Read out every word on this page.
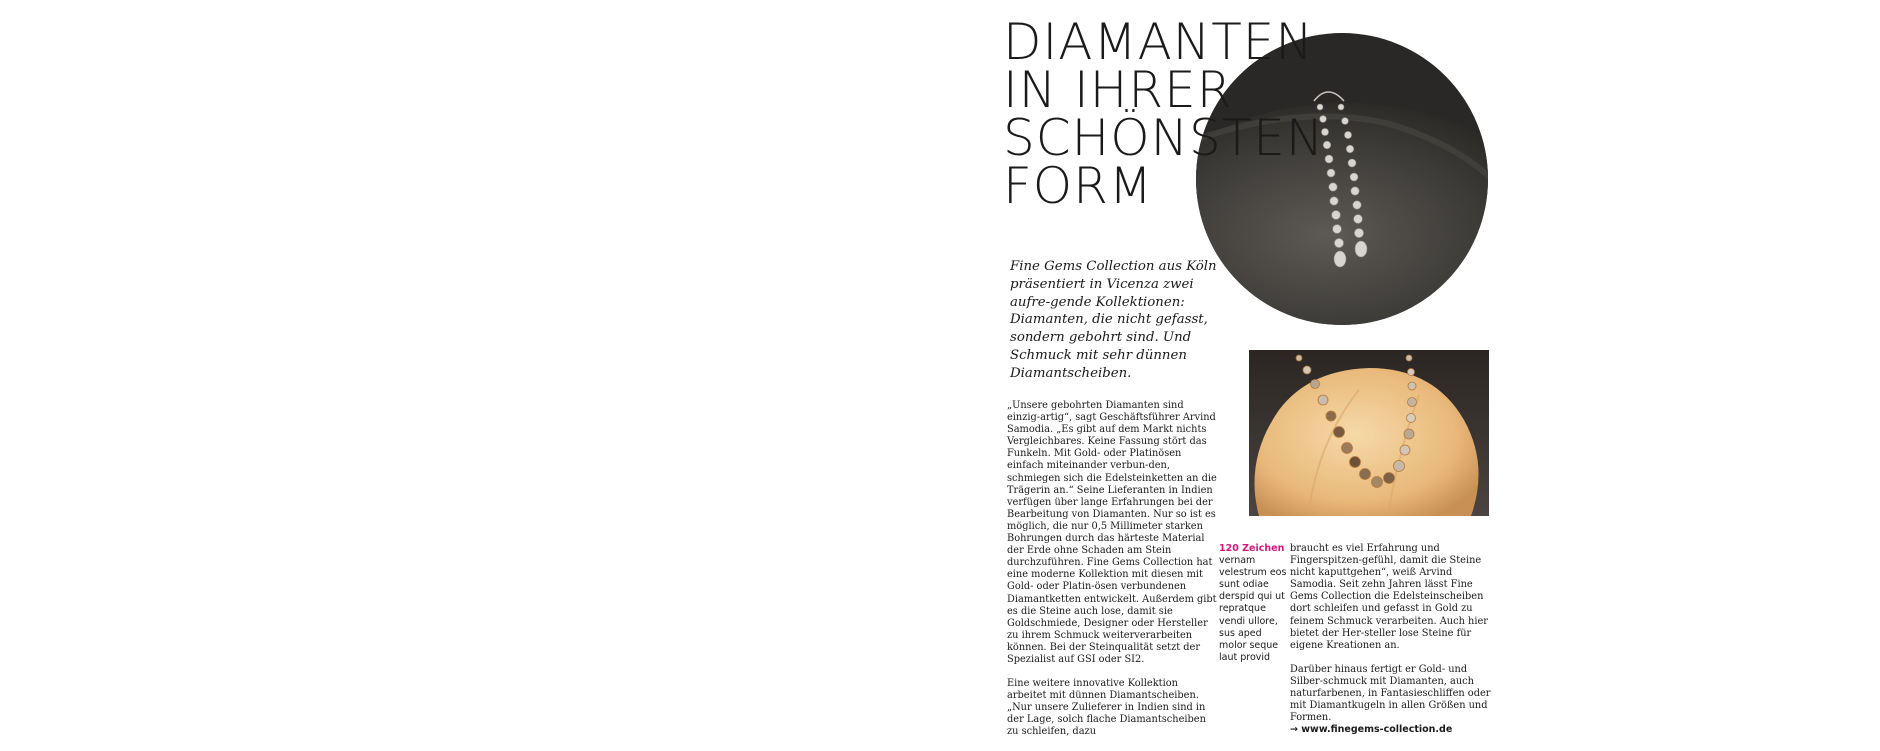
DIAMANTEN
IN IHRER
SCHÖNSTEN
FORM

Fine Gems Collection aus Köln präsentiert in Vicenza zwei aufre-gende Kollektionen: Diamanten, die nicht gefasst, sondern gebohrt sind. Und Schmuck mit sehr dünnen Diamantscheiben.

„Unsere gebohrten Diamanten sind einzig-artig“, sagt Geschäftsführer Arvind Samodia. „Es gibt auf dem Markt nichts Vergleichbares. Keine Fassung stört das Funkeln. Mit Gold- oder Platinösen einfach miteinander verbun-den, schmiegen sich die Edelsteinketten an die Trägerin an.“ Seine Lieferanten in Indien verfügen über lange Erfahrungen bei der Bearbeitung von Diamanten. Nur so ist es möglich, die nur 0,5 Millimeter starken Bohrungen durch das härteste Material der Erde ohne Schaden am Stein durchzuführen. Fine Gems Collection hat eine moderne Kollektion mit diesen mit Gold- oder Platin-ösen verbundenen Diamantketten entwickelt. Außerdem gibt es die Steine auch lose, damit sie Goldschmiede, Designer oder Hersteller zu ihrem Schmuck weiterverarbeiten können. Bei der Steinqualität setzt der Spezialist auf GSI oder SI2.

Eine weitere innovative Kollektion arbeitet mit dünnen Diamantscheiben. „Nur unsere Zulieferer in Indien sind in der Lage, solch flache Diamantscheiben zu schleifen, dazu

120 Zeichen
vernam velestrum eos sunt odiae derspid qui ut repratque vendi ullore, sus aped molor seque laut provid

braucht es viel Erfahrung und Fingerspitzen-gefühl, damit die Steine nicht kaputtgehen“, weiß Arvind Samodia. Seit zehn Jahren lässt Fine Gems Collection die Edelsteinscheiben dort schleifen und gefasst in Gold zu feinem Schmuck verarbeiten. Auch hier bietet der Her-steller lose Steine für eigene Kreationen an.

Darüber hinaus fertigt er Gold- und Silber-schmuck mit Diamanten, auch naturfarbenen, in Fantasieschliffen oder mit Diamantkugeln in allen Größen und Formen.

→ www.finegems-collection.de
